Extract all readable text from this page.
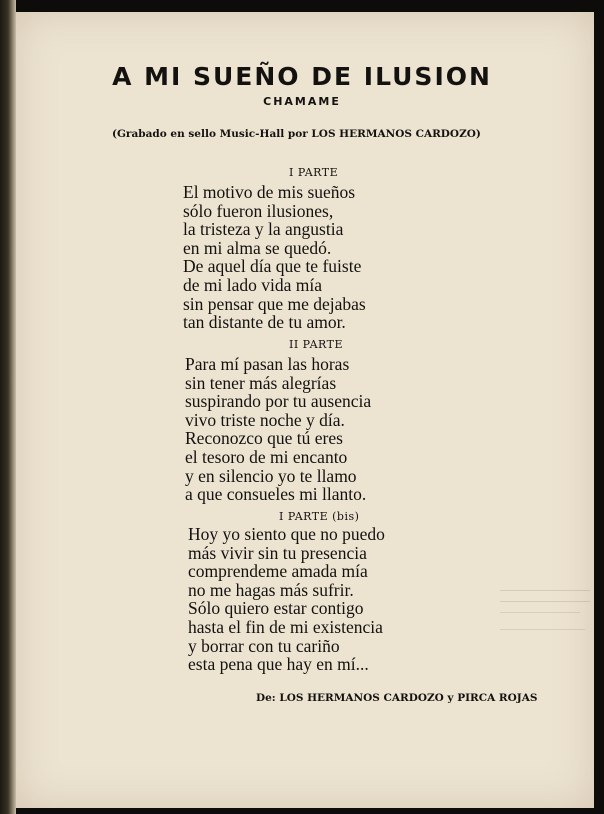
A MI SUEÑO DE ILUSION
CHAMAME
(Grabado en sello Music-Hall por LOS HERMANOS CARDOZO)
I PARTE
El motivo de mis sueños
sólo fueron ilusiones,
la tristeza y la angustia
en mi alma se quedó.
De aquel día que te fuiste
de mi lado vida mía
sin pensar que me dejabas
tan distante de tu amor.
II PARTE
Para mí pasan las horas
sin tener más alegrías
suspirando por tu ausencia
vivo triste noche y día.
Reconozco que tú eres
el tesoro de mi encanto
y en silencio yo te llamo
a que consueles mi llanto.
I PARTE (bis)
Hoy yo siento que no puedo
más vivir sin tu presencia
comprendeme amada mía
no me hagas más sufrir.
Sólo quiero estar contigo
hasta el fin de mi existencia
y borrar con tu cariño
esta pena que hay en mí...
De: LOS HERMANOS CARDOZO y PIRCA ROJAS
